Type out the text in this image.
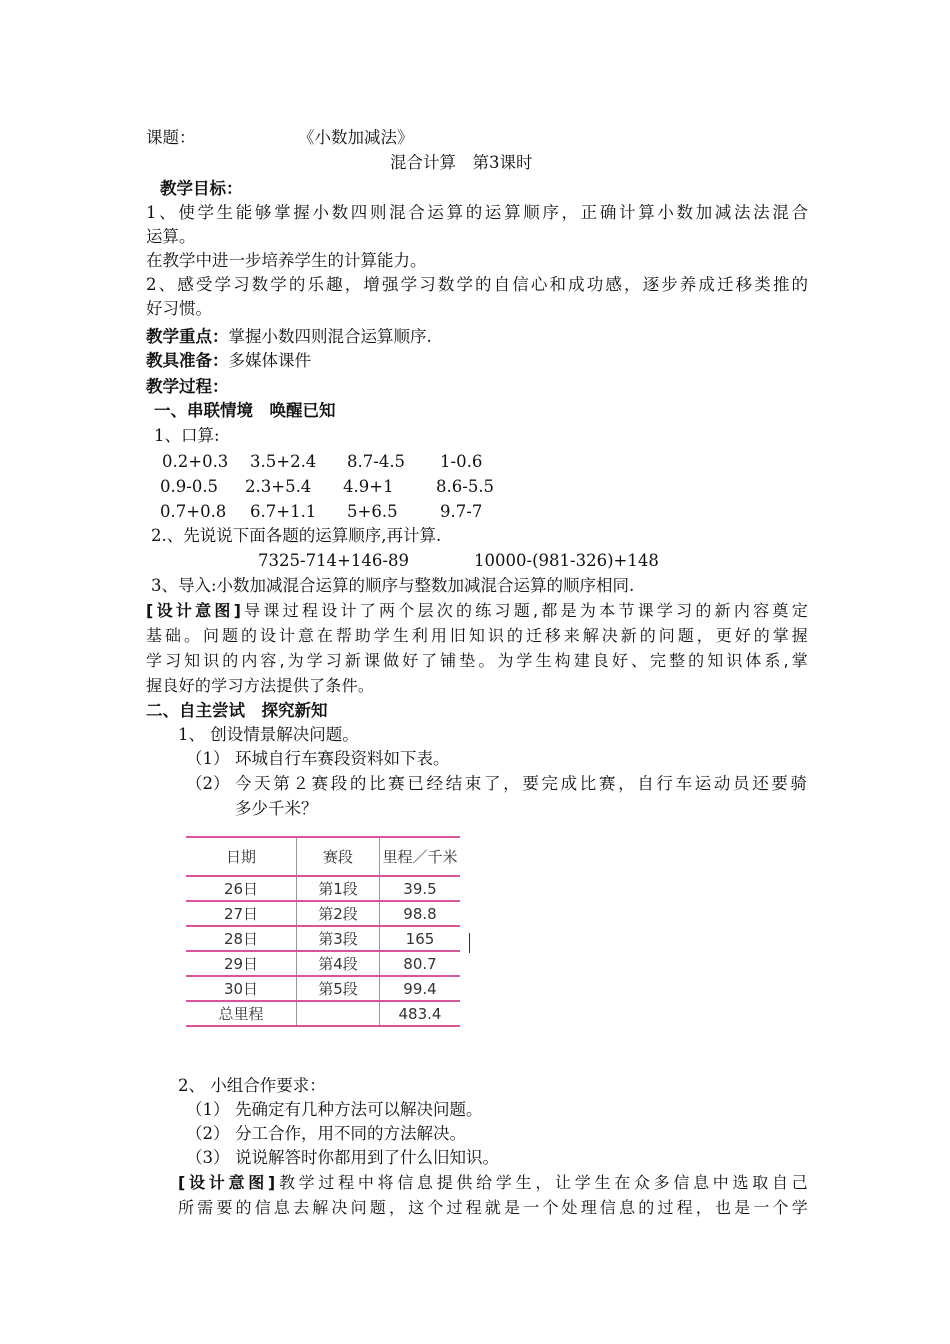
课题：	《小数加减法》
混合计算　第3课时
教学目标：
1、使学生能够掌握小数四则混合运算的运算顺序，正确计算小数加减法法混合
运算。
在教学中进一步培养学生的计算能力。
2、感受学习数学的乐趣，增强学习数学的自信心和成功感，逐步养成迁移类推的
好习惯。
教学重点：掌握小数四则混合运算顺序.
教具准备：多媒体课件
教学过程：
一、串联情境　唤醒已知
1、口算:
0.2+0.3 3.5+2.4 8.7-4.5 1-0.6
0.9-0.5 2.3+5.4 4.9+1	8.6-5.5
0.7+0.8 6.7+1.1 5+6.5	9.7-7
2.、先说说下面各题的运算顺序,再计算.
7325-714+146-89	10000-(981-326)+148
3、导入:小数加减混合运算的顺序与整数加减混合运算的顺序相同.
[设计意图]导课过程设计了两个层次的练习题,都是为本节课学习的新内容奠定
基础。问题的设计意在帮助学生利用旧知识的迁移来解决新的问题，更好的掌握
学习知识的内容,为学习新课做好了铺垫。为学生构建良好、完整的知识体系,掌
握良好的学习方法提供了条件。
二、自主尝试　探究新知
1、 创设情景解决问题。
（1） 环城自行车赛段资料如下表。
（2） 今天第２赛段的比赛已经结束了，要完成比赛，自行车运动员还要骑
多少千米？
日期	赛段	里程／千米
26日	第1段	39.5
27日	第2段	98.8
28日	第3段	165
29日	第4段	80.7
30日	第5段	99.4
总里程		483.4
2、 小组合作要求：
（1） 先确定有几种方法可以解决问题。
（2） 分工合作，用不同的方法解决。
（3） 说说解答时你都用到了什么旧知识。
[设计意图]教学过程中将信息提供给学生，让学生在众多信息中选取自己
所需要的信息去解决问题，这个过程就是一个处理信息的过程，也是一个学
